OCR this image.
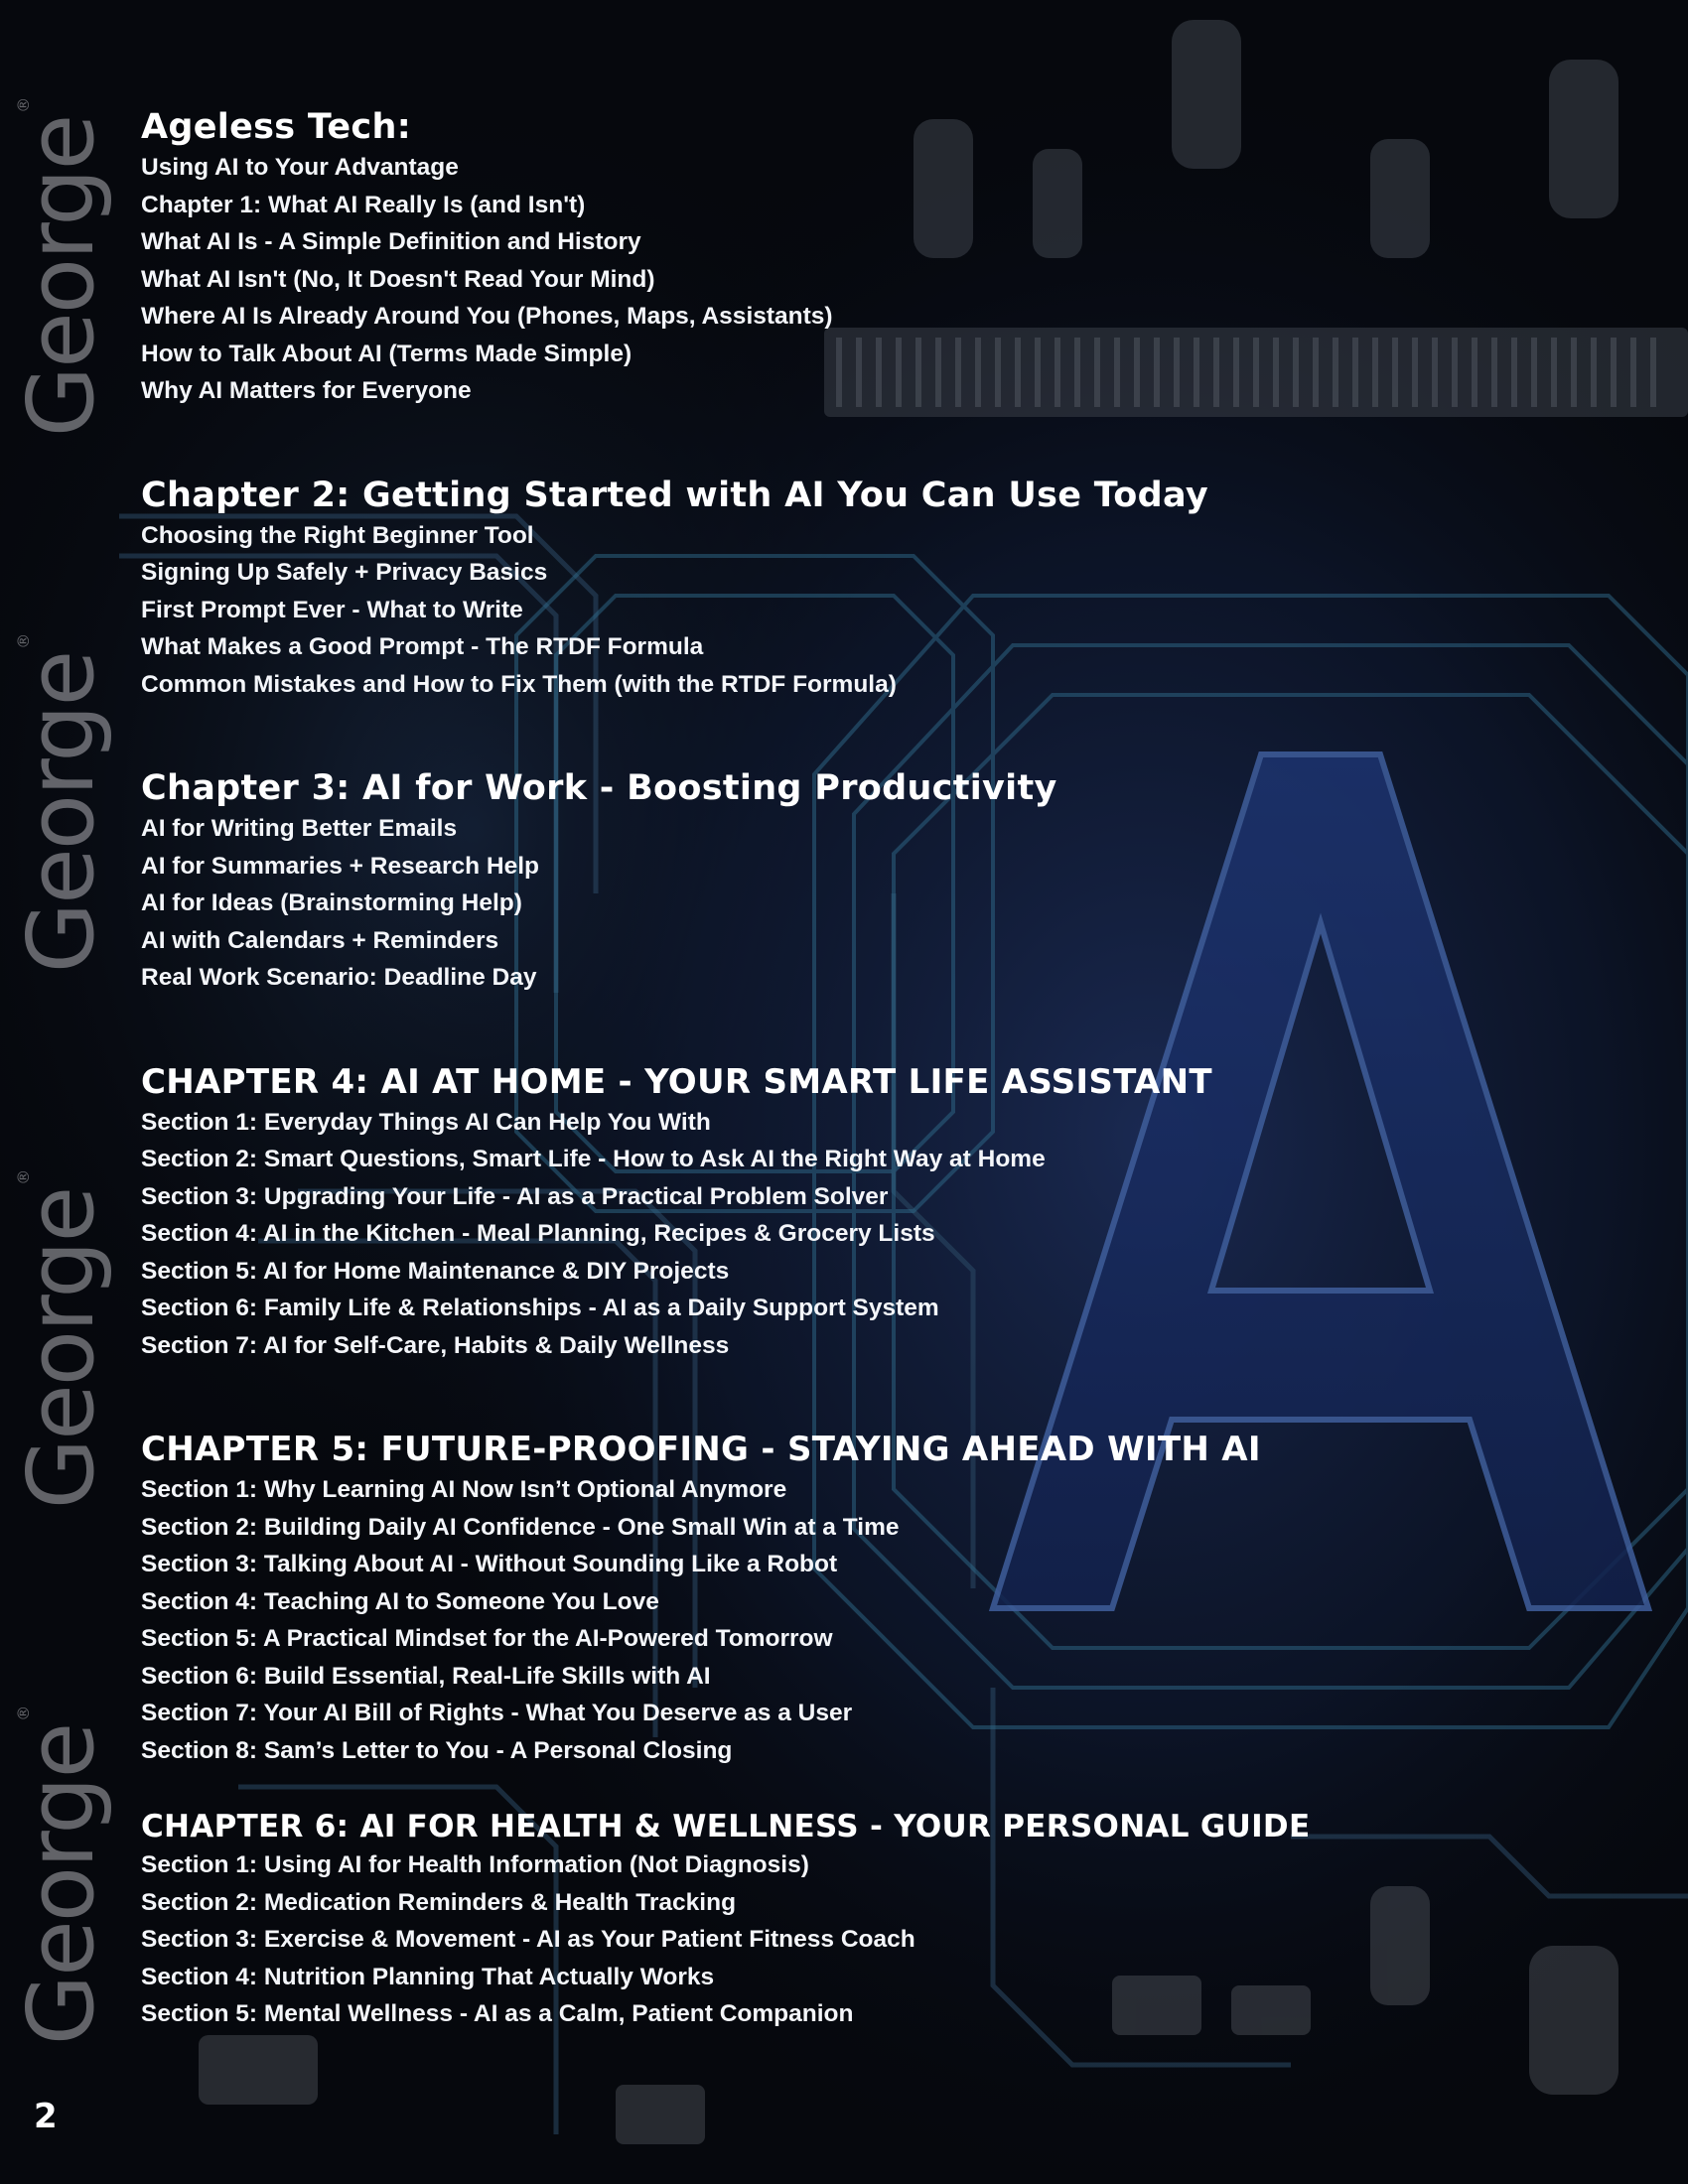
George®
George®
George®
George®
Ageless Tech:

Using AI to Your Advantage

Chapter 1: What AI Really Is (and Isn't)

What AI Is - A Simple Definition and History

What AI Isn't (No, It Doesn't Read Your Mind)

Where AI Is Already Around You (Phones, Maps, Assistants)

How to Talk About AI (Terms Made Simple)

Why AI Matters for Everyone

Chapter 2: Getting Started with AI You Can Use Today

Choosing the Right Beginner Tool

Signing Up Safely + Privacy Basics

First Prompt Ever - What to Write

What Makes a Good Prompt - The RTDF Formula

Common Mistakes and How to Fix Them (with the RTDF Formula)

Chapter 3: AI for Work - Boosting Productivity

AI for Writing Better Emails

AI for Summaries + Research Help

AI for Ideas (Brainstorming Help)

AI with Calendars + Reminders

Real Work Scenario: Deadline Day

CHAPTER 4: AI AT HOME - YOUR SMART LIFE ASSISTANT

Section 1: Everyday Things AI Can Help You With

Section 2: Smart Questions, Smart Life - How to Ask AI the Right Way at Home

Section 3: Upgrading Your Life - AI as a Practical Problem Solver

Section 4: AI in the Kitchen - Meal Planning, Recipes & Grocery Lists

Section 5: AI for Home Maintenance & DIY Projects

Section 6: Family Life & Relationships - AI as a Daily Support System

Section 7: AI for Self-Care, Habits & Daily Wellness

CHAPTER 5: FUTURE-PROOFING - STAYING AHEAD WITH AI

Section 1: Why Learning AI Now Isn’t Optional Anymore

Section 2: Building Daily AI Confidence - One Small Win at a Time

Section 3: Talking About AI - Without Sounding Like a Robot

Section 4: Teaching AI to Someone You Love

Section 5: A Practical Mindset for the AI-Powered Tomorrow

Section 6: Build Essential, Real-Life Skills with AI

Section 7: Your AI Bill of Rights - What You Deserve as a User

Section 8: Sam’s Letter to You - A Personal Closing

CHAPTER 6: AI FOR HEALTH & WELLNESS - YOUR PERSONAL GUIDE

Section 1: Using AI for Health Information (Not Diagnosis)

Section 2: Medication Reminders & Health Tracking

Section 3: Exercise & Movement - AI as Your Patient Fitness Coach

Section 4: Nutrition Planning That Actually Works

Section 5: Mental Wellness - AI as a Calm, Patient Companion

2
